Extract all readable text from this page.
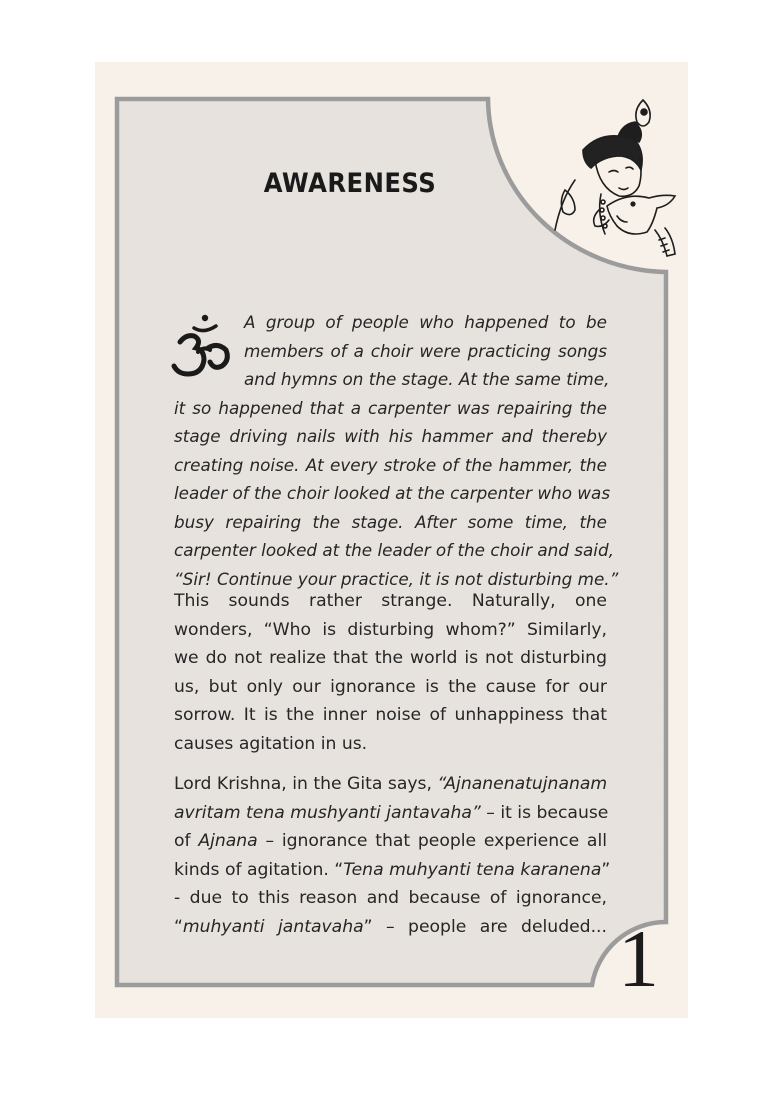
AWARENESS
A group of people who happened to be
members of a choir were practicing songs
and hymns on the stage. At the same time,
it so happened that a carpenter was repairing the
stage driving nails with his hammer and thereby
creating noise. At every stroke of the hammer, the
leader of the choir looked at the carpenter who was
busy repairing the stage. After some time, the
carpenter looked at the leader of the choir and said,
“Sir! Continue your practice, it is not disturbing me.”
This sounds rather strange. Naturally, one
wonders, “Who is disturbing whom?” Similarly,
we do not realize that the world is not disturbing
us, but only our ignorance is the cause for our
sorrow. It is the inner noise of unhappiness that
causes agitation in us.
Lord Krishna, in the Gita says, “Ajnanenatujnanam
avritam tena mushyanti jantavaha” – it is because
of Ajnana – ignorance that people experience all
kinds of agitation. “Tena muhyanti tena karanena”
- due to this reason and because of ignorance,
“muhyanti jantavaha” – people are deluded... 1
